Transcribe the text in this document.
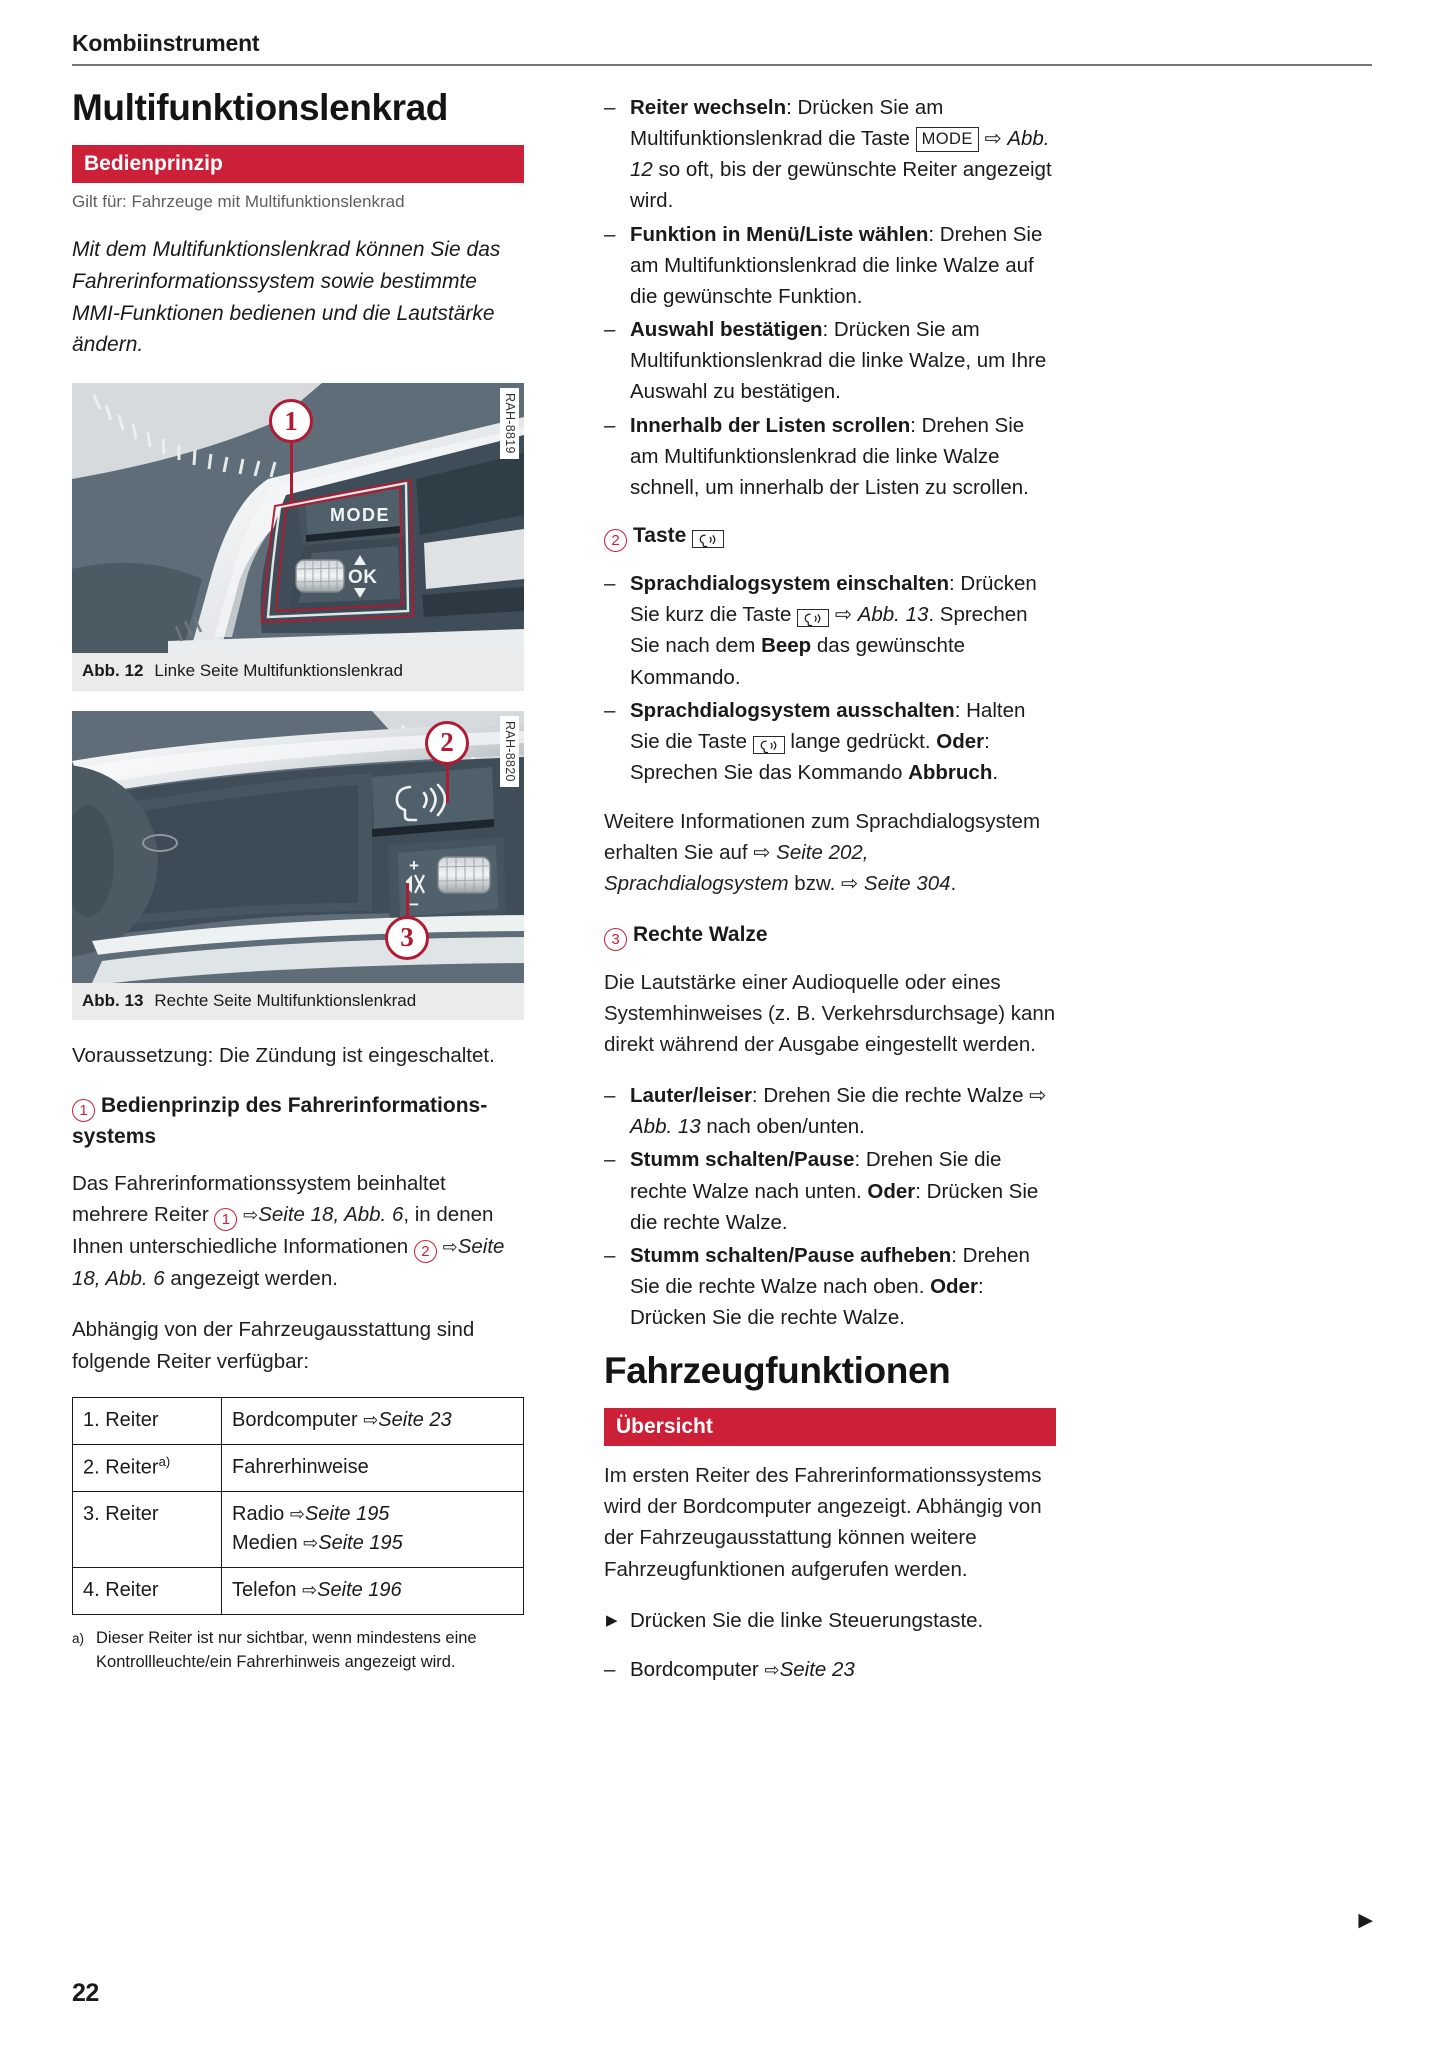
Kombiinstrument
Multifunktionslenkrad
Bedienprinzip
Gilt für: Fahrzeuge mit Multifunktionslenkrad

Mit dem Multifunktionslenkrad können Sie das Fahrerinformationssystem sowie bestimmte MMI-Funktionen bedienen und die Lautstärke ändern.

MODE
OK
1	RAH-8819
Abb. 12 Linke Seite Multifunktionslenkrad
+
−
2
3
RAH-8820
Abb. 13 Rechte Seite Multifunktionslenkrad

Voraussetzung: Die Zündung ist eingeschaltet.

1 Bedienprinzip des Fahrerinformations-systems

Das Fahrerinformationssystem beinhaltet mehrere Reiter 1 ⇨Seite 18, Abb. 6, in denen Ihnen unterschiedliche Informationen 2 ⇨Seite 18, Abb. 6 angezeigt werden.

Abhängig von der Fahrzeugausstattung sind folgende Reiter verfügbar:

1. Reiter	Bordcomputer ⇨Seite 23
2. Reiter$^{a)}$	Fahrerhinweise
3. Reiter	Radio ⇨Seite 195
Medien ⇨Seite 195
4. Reiter	Telefon ⇨Seite 196
a) Dieser Reiter ist nur sichtbar, wenn mindestens eine Kontrollleuchte/ein Fahrerhinweis angezeigt wird.
– Reiter wechseln: Drücken Sie am Multifunktionslenkrad die Taste MODE ⇨ Abb. 12 so oft, bis der gewünschte Reiter angezeigt wird.
– Funktion in Menü/Liste wählen: Drehen Sie am Multifunktionslenkrad die linke Walze auf die gewünschte Funktion.
– Auswahl bestätigen: Drücken Sie am Multifunktionslenkrad die linke Walze, um Ihre Auswahl zu bestätigen.
– Innerhalb der Listen scrollen: Drehen Sie am Multifunktionslenkrad die linke Walze schnell, um innerhalb der Listen zu scrollen.
2 Taste
– Sprachdialogsystem einschalten: Drücken Sie kurz die Taste  ⇨ Abb. 13. Sprechen Sie nach dem Beep das gewünschte Kommando.
– Sprachdialogsystem ausschalten: Halten Sie die Taste  lange gedrückt. Oder: Sprechen Sie das Kommando Abbruch.

Weitere Informationen zum Sprachdialogsystem erhalten Sie auf ⇨ Seite 202, Sprachdialogsystem bzw. ⇨ Seite 304.

3 Rechte Walze

Die Lautstärke einer Audioquelle oder eines Systemhinweises (z. B. Verkehrsdurchsage) kann direkt während der Ausgabe eingestellt werden.

– Lauter/leiser: Drehen Sie die rechte Walze ⇨ Abb. 13 nach oben/unten.
– Stumm schalten/Pause: Drehen Sie die rechte Walze nach unten. Oder: Drücken Sie die rechte Walze.
– Stumm schalten/Pause aufheben: Drehen Sie die rechte Walze nach oben. Oder: Drücken Sie die rechte Walze.
Fahrzeugfunktionen
Übersicht

Im ersten Reiter des Fahrerinformationssystems wird der Bordcomputer angezeigt. Abhängig von der Fahrzeugausstattung können weitere Fahrzeugfunktionen aufgerufen werden.

▶ Drücken Sie die linke Steuerungstaste.
– Bordcomputer ⇨Seite 23
22
▶
